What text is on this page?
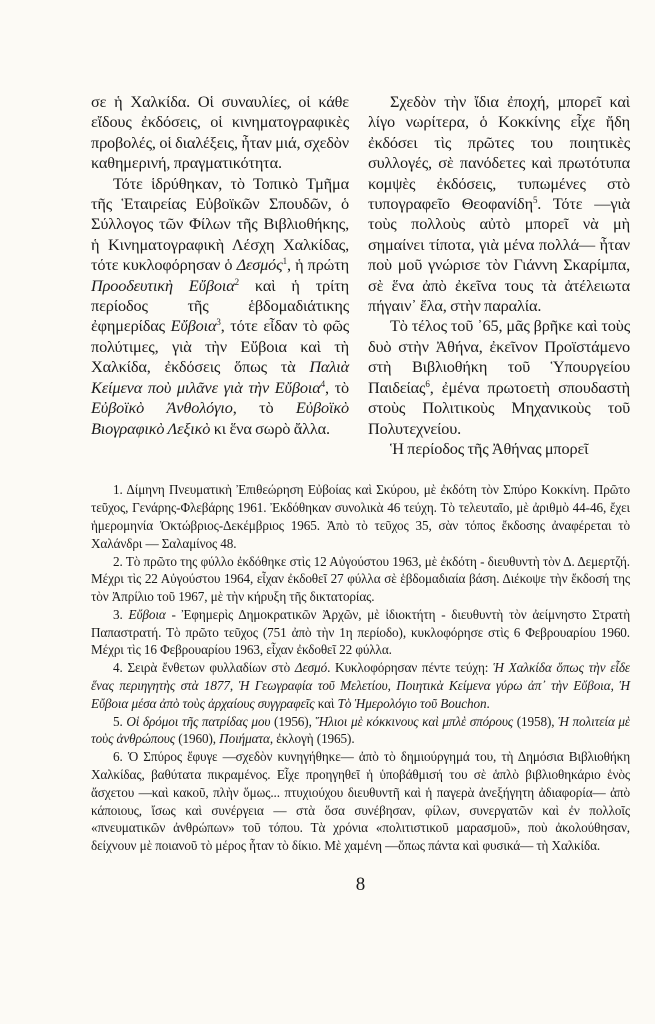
σε ἡ Χαλκίδα. Οἱ συναυλίες, οἱ κάθε εἴδους ἐκδόσεις, οἱ κινηματογραφικὲς προβολές, οἱ διαλέξεις, ἦταν μιά, σχεδὸν καθημερινή, πραγματικότητα.

Τότε ἱδρύθηκαν, τὸ Τοπικὸ Τμῆμα τῆς Ἑταιρείας Εὐβοϊκῶν Σπουδῶν, ὁ Σύλλογος τῶν Φίλων τῆς Βιβλιοθήκης, ἡ Κινηματογραφικὴ Λέσχη Χαλκίδας, τότε κυκλοφόρησαν ὁ Δεσμός$^1$, ἡ πρώτη Προοδευτικὴ Εὔβοια$^2$ καὶ ἡ τρίτη περίοδος τῆς ἑβδομαδιάτικης ἐφημερίδας Εὔβοια$^3$, τότε εἶδαν τὸ φῶς πολύτιμες, γιὰ τὴν Εὔβοια καὶ τὴ Χαλκίδα, ἐκδόσεις ὅπως τὰ Παλιὰ Κείμενα ποὺ μιλᾶνε γιὰ τὴν Εὔβοια$^4$, τὸ Εὐβοϊκὸ Ἀνθολόγιο, τὸ Εὐβοϊκὸ Βιογραφικὸ Λεξικὸ κι ἕνα σωρὸ ἄλλα.

Σχεδὸν τὴν ἴδια ἐποχή, μπορεῖ καὶ λίγο νωρίτερα, ὁ Κοκκίνης εἶχε ἤδη ἐκδόσει τὶς πρῶτες του ποιητικὲς συλλογές, σὲ πανόδετες καὶ πρωτότυπα κομψὲς ἐκδόσεις, τυπωμένες στὸ τυπογραφεῖο Θεοφανίδη$^5$. Τότε —γιὰ τοὺς πολλοὺς αὐτὸ μπορεῖ νὰ μὴ σημαίνει τίποτα, γιὰ μένα πολλά— ἦταν ποὺ μοῦ γνώρισε τὸν Γιάννη Σκαρίμπα, σὲ ἕνα ἀπὸ ἐκεῖνα τους τὰ ἀτέλειωτα πήγαιν᾽ ἔλα, στὴν παραλία.

Τὸ τέλος τοῦ ᾽65, μᾶς βρῆκε καὶ τοὺς δυὸ στὴν Ἀθήνα, ἐκεῖνον Προϊστάμενο στὴ Βιβλιοθήκη τοῦ Ὑπουργείου Παιδείας$^6$, ἐμένα πρωτοετὴ σπουδαστὴ στοὺς Πολιτικοὺς Μηχανικοὺς τοῦ Πολυτεχνείου.

Ἡ περίοδος τῆς Ἀθήνας μπορεῖ

1. Δίμηνη Πνευματικὴ Ἐπιθεώρηση Εὐβοίας καὶ Σκύρου, μὲ ἐκδότη τὸν Σπύρο Κοκκίνη. Πρῶτο τεῦχος, Γενάρης-Φλεβάρης 1961. Ἐκδόθηκαν συνολικὰ 46 τεύχη. Τὸ τελευταῖο, μὲ ἀριθμὸ 44-46, ἔχει ἡμερομηνία Ὀκτώβριος-Δεκέμβριος 1965. Ἀπὸ τὸ τεῦχος 35, σὰν τόπος ἔκδοσης ἀναφέρεται τὸ Χαλάνδρι — Σαλαμίνος 48.

2. Τὸ πρῶτο της φύλλο ἐκδόθηκε στὶς 12 Αὐγούστου 1963, μὲ ἐκδότη - διευθυντὴ τὸν Δ. Δεμερτζή. Μέχρι τὶς 22 Αὐγούστου 1964, εἶχαν ἐκδοθεῖ 27 φύλλα σὲ ἑβδομαδιαία βάση. Διέκοψε τὴν ἔκδοσή της τὸν Ἀπρίλιο τοῦ 1967, μὲ τὴν κήρυξη τῆς δικτατορίας.

3. Εὔβοια - Ἐφημερὶς Δημοκρατικῶν Ἀρχῶν, μὲ ἰδιοκτήτη - διευθυντὴ τὸν ἀείμνηστο Στρατὴ Παπαστρατή. Τὸ πρῶτο τεῦχος (751 ἀπὸ τὴν 1η περίοδο), κυκλοφόρησε στὶς 6 Φεβρουαρίου 1960. Μέχρι τὶς 16 Φεβρουαρίου 1963, εἶχαν ἐκδοθεῖ 22 φύλλα.

4. Σειρὰ ἔνθετων φυλλαδίων στὸ Δεσμό. Κυκλοφόρησαν πέντε τεύχη: Ἡ Χαλκίδα ὅπως τὴν εἶδε ἕνας περιηγητὴς στὰ 1877, Ἡ Γεωγραφία τοῦ Μελετίου, Ποιητικὰ Κείμενα γύρω ἀπ᾽ τὴν Εὔβοια, Ἡ Εὔβοια μέσα ἀπὸ τοὺς ἀρχαίους συγγραφεῖς καὶ Τὸ Ἡμερολόγιο τοῦ Bouchon.

5. Οἱ δρόμοι τῆς πατρίδας μου (1956), Ἥλιοι μὲ κόκκινους καὶ μπλὲ σπόρους (1958), Ἡ πολιτεία μὲ τοὺς ἀνθρώπους (1960), Ποιήματα, ἐκλογὴ (1965).

6. Ὁ Σπύρος ἔφυγε —σχεδὸν κυνηγήθηκε— ἀπὸ τὸ δημιούργημά του, τὴ Δημόσια Βιβλιοθήκη Χαλκίδας, βαθύτατα πικραμένος. Εἶχε προηγηθεῖ ἡ ὑποβάθμισή του σὲ ἁπλὸ βιβλιοθηκάριο ἑνὸς ἄσχετου —καὶ κακοῦ, πλὴν ὅμως... πτυχιούχου διευθυντῆ καὶ ἡ παγερὰ ἀνεξήγητη ἀδιαφορία— ἀπὸ κάποιους, ἴσως καὶ συνέργεια — στὰ ὅσα συνέβησαν, φίλων, συνεργατῶν καὶ ἐν πολλοῖς «πνευματικῶν ἀνθρώπων» τοῦ τόπου. Τὰ χρόνια «πολιτιστικοῦ μαρασμοῦ», ποὺ ἀκολούθησαν, δείχνουν μὲ ποιανοῦ τὸ μέρος ἦταν τὸ δίκιο. Μὲ χαμένη —ὅπως πάντα καὶ φυσικά— τὴ Χαλκίδα.

8
